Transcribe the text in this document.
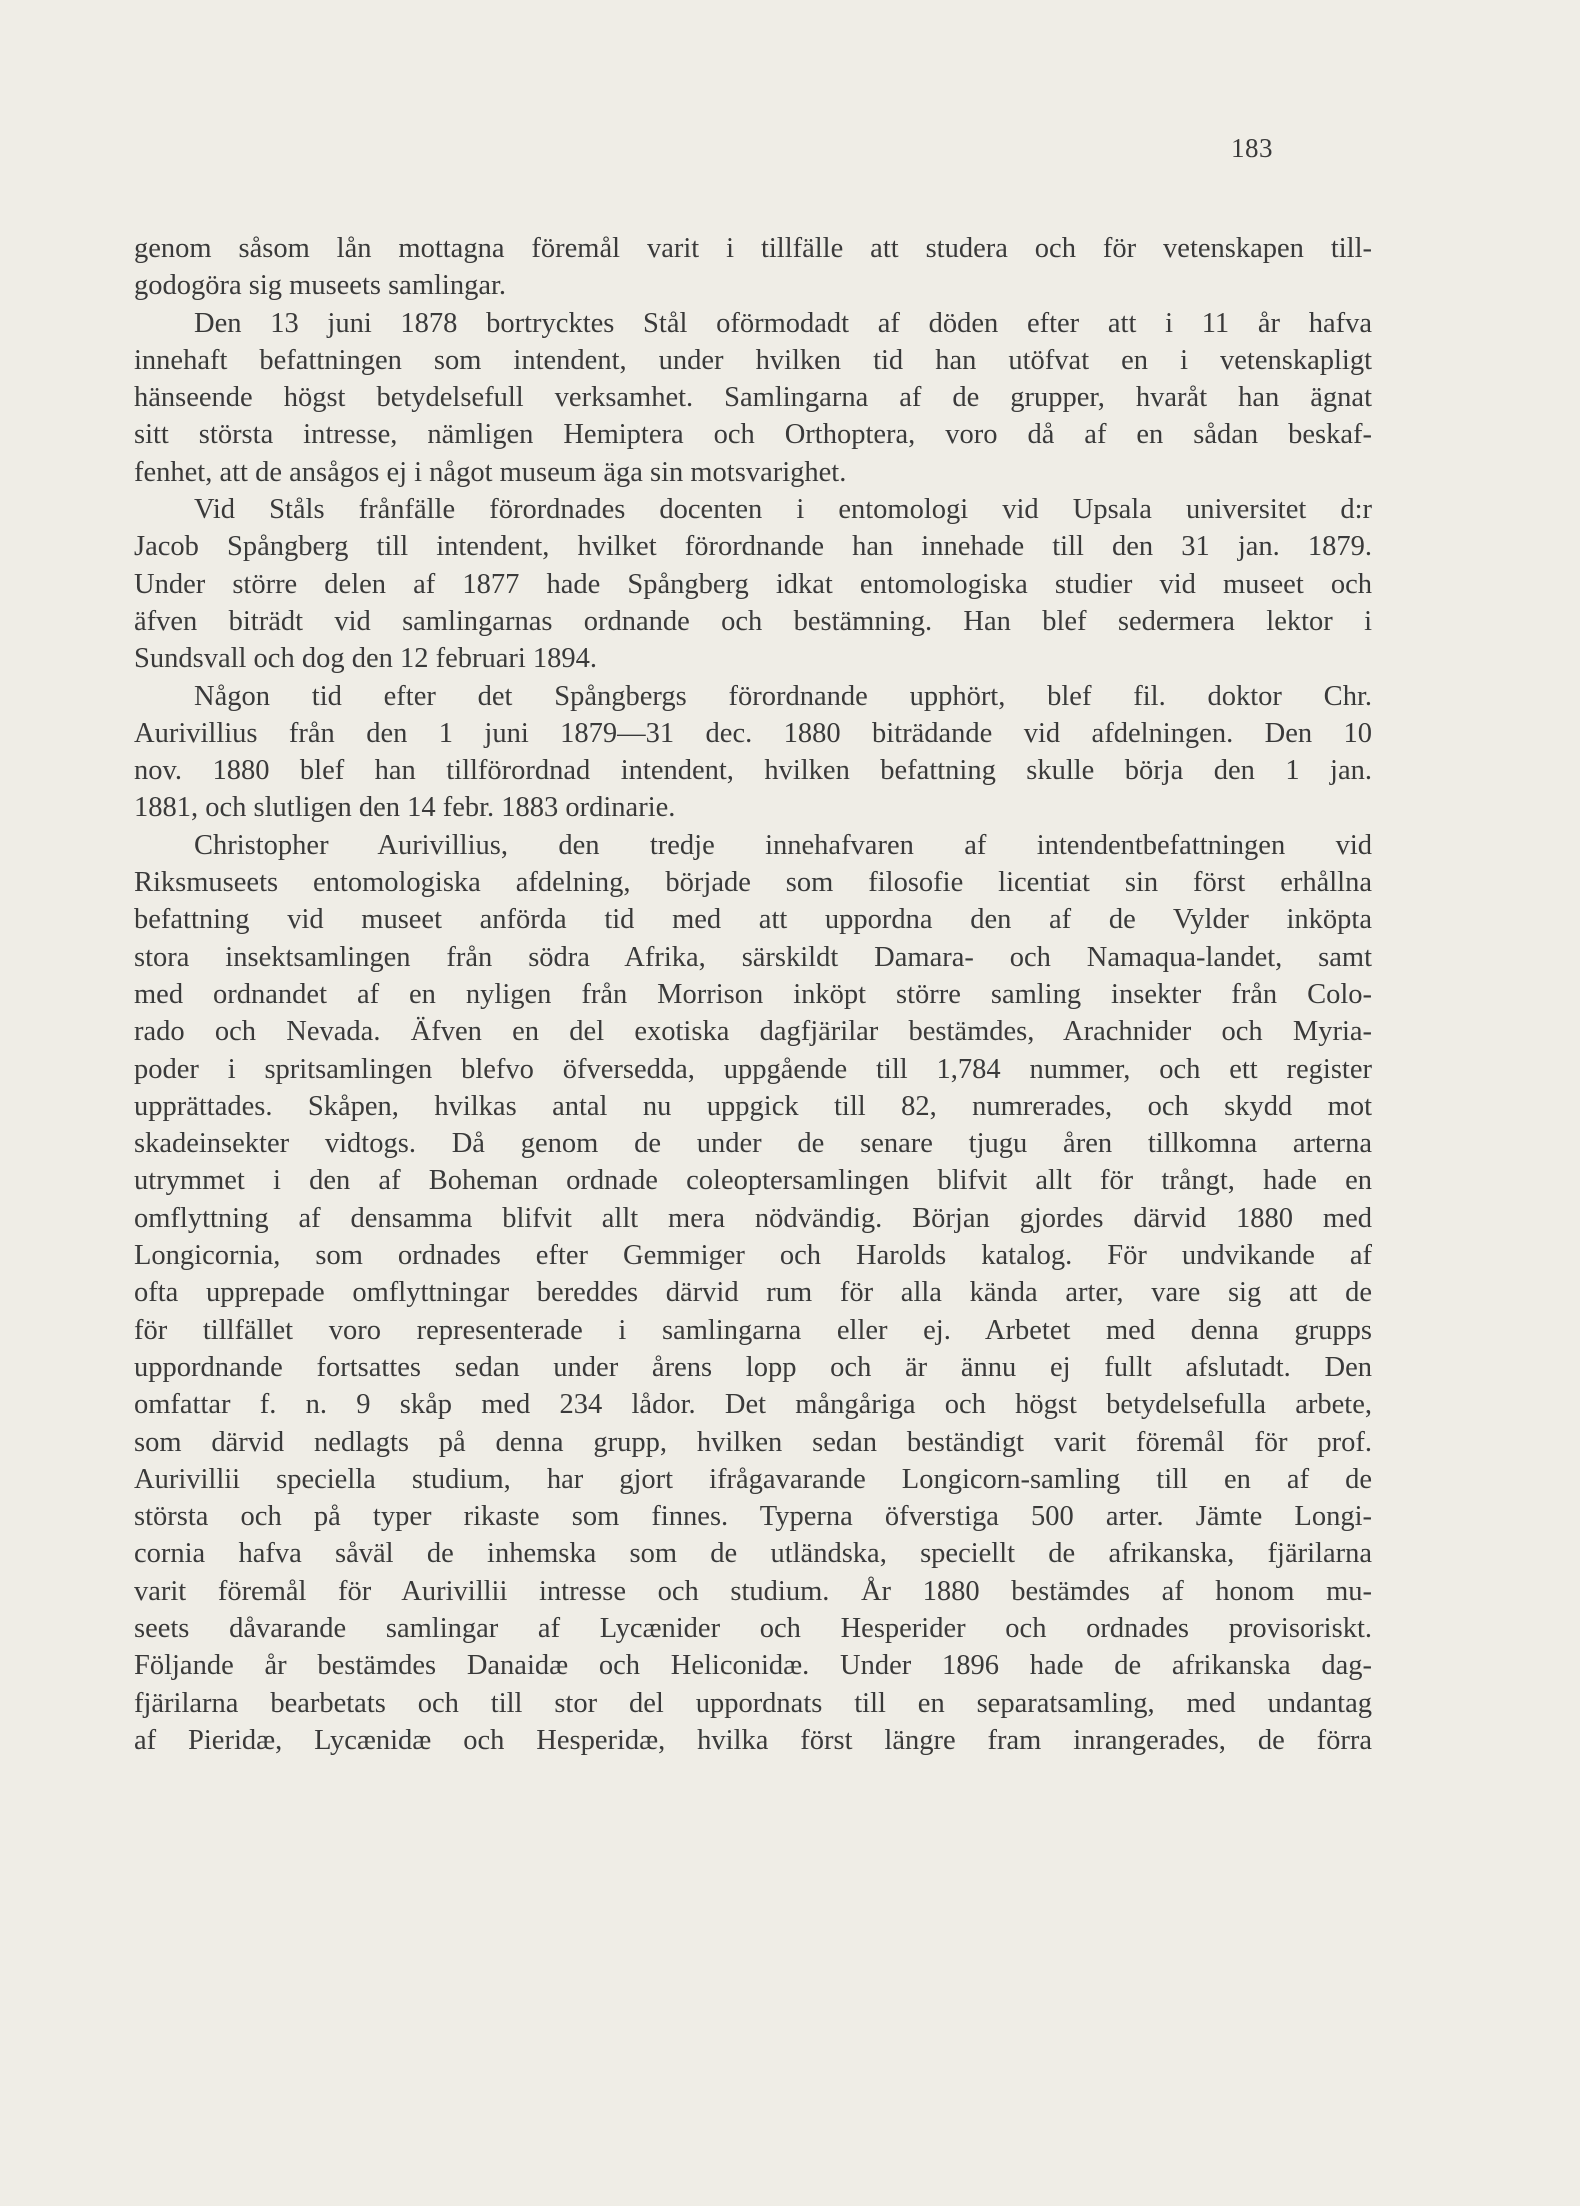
183
genom såsom lån mottagna föremål varit i tillfälle att studera och för vetenskapen till-
godogöra sig museets samlingar.
Den 13 juni 1878 bortrycktes Stål oförmodadt af döden efter att i 11 år hafva
innehaft befattningen som intendent, under hvilken tid han utöfvat en i vetenskapligt
hänseende högst betydelsefull verksamhet. Samlingarna af de grupper, hvaråt han ägnat
sitt största intresse, nämligen Hemiptera och Orthoptera, voro då af en sådan beskaf-
fenhet, att de ansågos ej i något museum äga sin motsvarighet.
Vid Ståls frånfälle förordnades docenten i entomologi vid Upsala universitet d:r
Jacob Spångberg till intendent, hvilket förordnande han innehade till den 31 jan. 1879.
Under större delen af 1877 hade Spångberg idkat entomologiska studier vid museet och
äfven biträdt vid samlingarnas ordnande och bestämning. Han blef sedermera lektor i
Sundsvall och dog den 12 februari 1894.
Någon tid efter det Spångbergs förordnande upphört, blef fil. doktor Chr.
Aurivillius från den 1 juni 1879—31 dec. 1880 biträdande vid afdelningen. Den 10
nov. 1880 blef han tillförordnad intendent, hvilken befattning skulle börja den 1 jan.
1881, och slutligen den 14 febr. 1883 ordinarie.
Christopher Aurivillius, den tredje innehafvaren af intendentbefattningen vid
Riksmuseets entomologiska afdelning, började som filosofie licentiat sin först erhållna
befattning vid museet anförda tid med att uppordna den af de Vylder inköpta
stora insektsamlingen från södra Afrika, särskildt Damara- och Namaqua-landet, samt
med ordnandet af en nyligen från Morrison inköpt större samling insekter från Colo-
rado och Nevada. Äfven en del exotiska dagfjärilar bestämdes, Arachnider och Myria-
poder i spritsamlingen blefvo öfversedda, uppgående till 1,784 nummer, och ett register
upprättades. Skåpen, hvilkas antal nu uppgick till 82, numrerades, och skydd mot
skadeinsekter vidtogs. Då genom de under de senare tjugu åren tillkomna arterna
utrymmet i den af Boheman ordnade coleoptersamlingen blifvit allt för trångt, hade en
omflyttning af densamma blifvit allt mera nödvändig. Början gjordes därvid 1880 med
Longicornia, som ordnades efter Gemmiger och Harolds katalog. För undvikande af
ofta upprepade omflyttningar bereddes därvid rum för alla kända arter, vare sig att de
för tillfället voro representerade i samlingarna eller ej. Arbetet med denna grupps
uppordnande fortsattes sedan under årens lopp och är ännu ej fullt afslutadt. Den
omfattar f. n. 9 skåp med 234 lådor. Det mångåriga och högst betydelsefulla arbete,
som därvid nedlagts på denna grupp, hvilken sedan beständigt varit föremål för prof.
Aurivillii speciella studium, har gjort ifrågavarande Longicorn-samling till en af de
största och på typer rikaste som finnes. Typerna öfverstiga 500 arter. Jämte Longi-
cornia hafva såväl de inhemska som de utländska, speciellt de afrikanska, fjärilarna
varit föremål för Aurivillii intresse och studium. År 1880 bestämdes af honom mu-
seets dåvarande samlingar af Lycænider och Hesperider och ordnades provisoriskt.
Följande år bestämdes Danaidæ och Heliconidæ. Under 1896 hade de afrikanska dag-
fjärilarna bearbetats och till stor del uppordnats till en separatsamling, med undantag
af Pieridæ, Lycænidæ och Hesperidæ, hvilka först längre fram inrangerades, de förra
